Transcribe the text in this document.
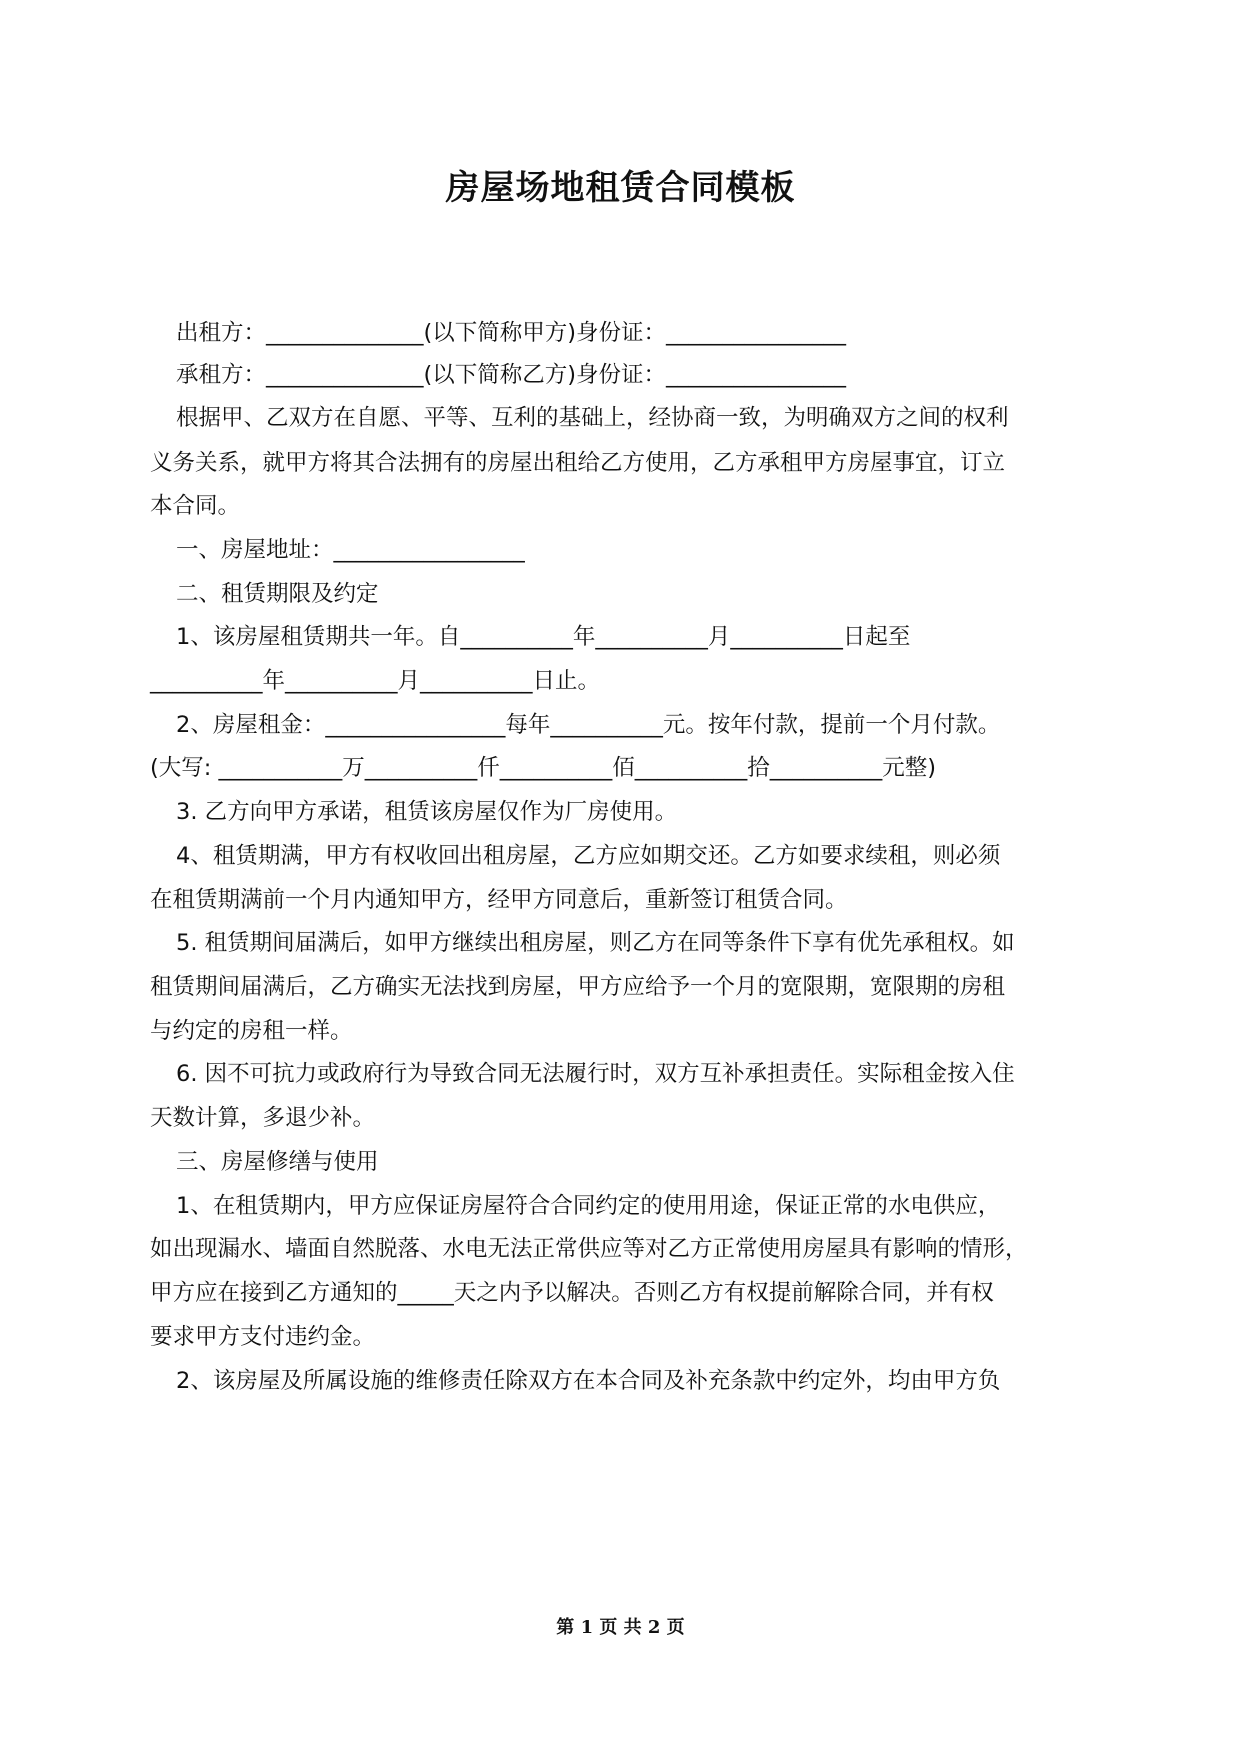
房屋场地租赁合同模板
出租方：______________(以下简称甲方)身份证：________________
承租方：______________(以下简称乙方)身份证：________________
根据甲、乙双方在自愿、平等、互利的基础上，经协商一致，为明确双方之间的权利
义务关系，就甲方将其合法拥有的房屋出租给乙方使用，乙方承租甲方房屋事宜，订立
本合同。
一、房屋地址：_________________
二、租赁期限及约定
1、该房屋租赁期共一年。自__________年__________月__________日起至
__________年__________月__________日止。
2、房屋租金：________________每年__________元。按年付款，提前一个月付款。
(大写: ___________万__________仟__________佰__________拾__________元整)
3. 乙方向甲方承诺，租赁该房屋仅作为厂房使用。
4、租赁期满，甲方有权收回出租房屋，乙方应如期交还。乙方如要求续租，则必须
在租赁期满前一个月内通知甲方，经甲方同意后，重新签订租赁合同。
5. 租赁期间届满后，如甲方继续出租房屋，则乙方在同等条件下享有优先承租权。如
租赁期间届满后，乙方确实无法找到房屋，甲方应给予一个月的宽限期，宽限期的房租
与约定的房租一样。
6. 因不可抗力或政府行为导致合同无法履行时，双方互补承担责任。实际租金按入住
天数计算，多退少补。
三、房屋修缮与使用
1、在租赁期内，甲方应保证房屋符合合同约定的使用用途，保证正常的水电供应，
如出现漏水、墙面自然脱落、水电无法正常供应等对乙方正常使用房屋具有影响的情形，
甲方应在接到乙方通知的_____天之内予以解决。否则乙方有权提前解除合同，并有权
要求甲方支付违约金。
2、该房屋及所属设施的维修责任除双方在本合同及补充条款中约定外，均由甲方负
第 1 页 共 2 页
